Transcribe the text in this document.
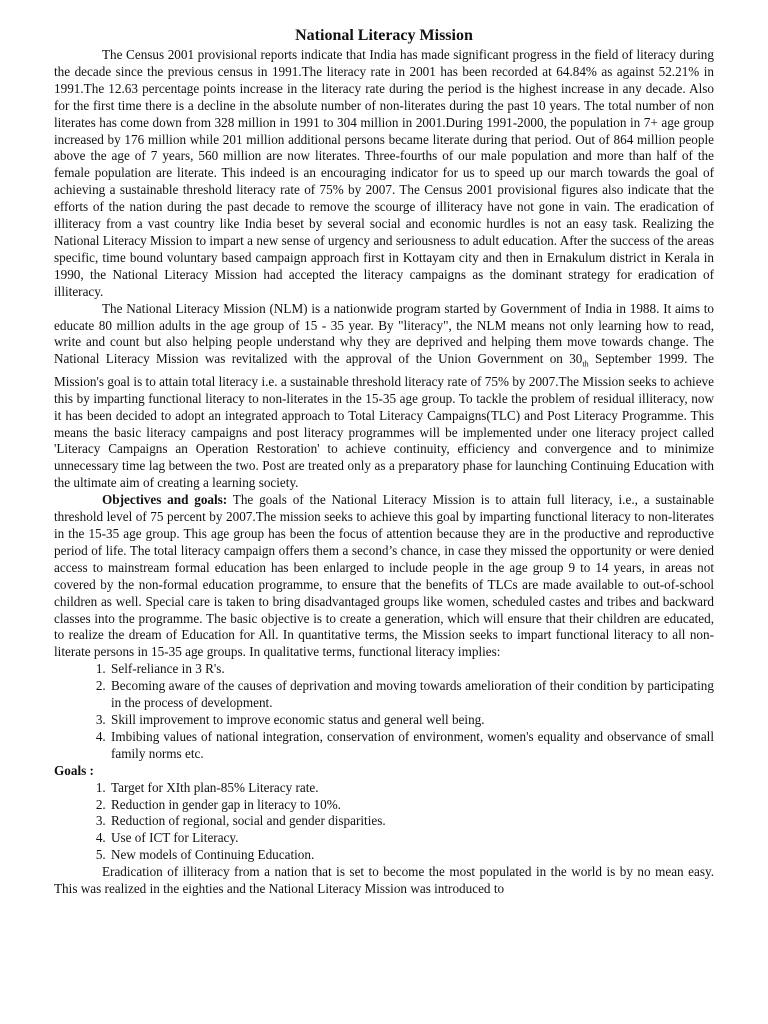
National Literacy Mission

The Census 2001 provisional reports indicate that India has made significant progress in the field of literacy during the decade since the previous census in 1991.The literacy rate in 2001 has been recorded at 64.84% as against 52.21% in 1991.The 12.63 percentage points increase in the literacy rate during the period is the highest increase in any decade. Also for the first time there is a decline in the absolute number of non-literates during the past 10 years. The total number of non literates has come down from 328 million in 1991 to 304 million in 2001.During 1991-2000, the population in 7+ age group increased by 176 million while 201 million additional persons became literate during that period. Out of 864 million people above the age of 7 years, 560 million are now literates. Three-fourths of our male population and more than half of the female population are literate. This indeed is an encouraging indicator for us to speed up our march towards the goal of achieving a sustainable threshold literacy rate of 75% by 2007. The Census 2001 provisional figures also indicate that the efforts of the nation during the past decade to remove the scourge of illiteracy have not gone in vain. The eradication of illiteracy from a vast country like India beset by several social and economic hurdles is not an easy task. Realizing the National Literacy Mission to impart a new sense of urgency and seriousness to adult education. After the success of the areas specific, time bound voluntary based campaign approach first in Kottayam city and then in Ernakulum district in Kerala in 1990, the National Literacy Mission had accepted the literacy campaigns as the dominant strategy for eradication of illiteracy.

The National Literacy Mission (NLM) is a nationwide program started by Government of India in 1988. It aims to educate 80 million adults in the age group of 15 - 35 year. By "literacy", the NLM means not only learning how to read, write and count but also helping people understand why they are deprived and helping them move towards change. The National Literacy Mission was revitalized with the approval of the Union Government on $30_{th}$ September 1999. The Mission's goal is to attain total literacy i.e. a sustainable threshold literacy rate of 75% by 2007.The Mission seeks to achieve this by imparting functional literacy to non-literates in the 15-35 age group. To tackle the problem of residual illiteracy, now it has been decided to adopt an integrated approach to Total Literacy Campaigns(TLC) and Post Literacy Programme. This means the basic literacy campaigns and post literacy programmes will be implemented under one literacy project called 'Literacy Campaigns an Operation Restoration' to achieve continuity, efficiency and convergence and to minimize unnecessary time lag between the two. Post are treated only as a preparatory phase for launching Continuing Education with the ultimate aim of creating a learning society.

Objectives and goals: The goals of the National Literacy Mission is to attain full literacy, i.e., a sustainable threshold level of 75 percent by 2007.The mission seeks to achieve this goal by imparting functional literacy to non-literates in the 15-35 age group. This age group has been the focus of attention because they are in the productive and reproductive period of life. The total literacy campaign offers them a second’s chance, in case they missed the opportunity or were denied access to mainstream formal education has been enlarged to include people in the age group 9 to 14 years, in areas not covered by the non-formal education programme, to ensure that the benefits of TLCs are made available to out-of-school children as well. Special care is taken to bring disadvantaged groups like women, scheduled castes and tribes and backward classes into the programme. The basic objective is to create a generation, which will ensure that their children are educated, to realize the dream of Education for All. In quantitative terms, the Mission seeks to impart functional literacy to all non-literate persons in 15-35 age groups. In qualitative terms, functional literacy implies:

1. Self-reliance in 3 R's.
2. Becoming aware of the causes of deprivation and moving towards amelioration of their condition by participating in the process of development.
3. Skill improvement to improve economic status and general well being.
4. Imbibing values of national integration, conservation of environment, women's equality and observance of small family norms etc.
Goals :
1. Target for XIth plan-85% Literacy rate.
2. Reduction in gender gap in literacy to 10%.
3. Reduction of regional, social and gender disparities.
4. Use of ICT for Literacy.
5. New models of Continuing Education.

Eradication of illiteracy from a nation that is set to become the most populated in the world is by no mean easy. This was realized in the eighties and the National Literacy Mission was introduced to
